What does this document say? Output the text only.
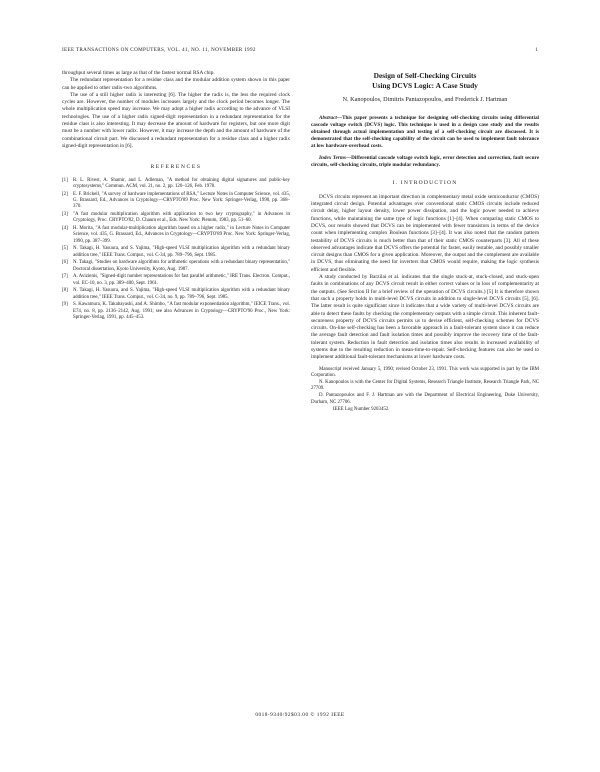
IEEE TRANSACTIONS ON COMPUTERS, VOL. 41, NO. 11, NOVEMBER 1992	1

throughput several times as large as that of the fastest normal RSA chip.

The redundant representation for a residue class and the modular addition system shown in this paper can be applied to other radix-two algorithms.

The use of a still higher radix is interesting [6]. The higher the radix is, the less the required clock cycles are. However, the number of modules increases largely and the clock period becomes longer. The whole multiplication speed may increase. We may adopt a higher radix according to the advance of VLSI technologies. The use of a higher radix signed-digit representation in a redundant representation for the residue class is also interesting. It may decrease the amount of hardware for registers, but one more digit must be a number with lower radix. However, it may increase the depth and the amount of hardware of the combinational circuit part. We discussed a redundant representation for a residue class and a higher radix signed-digit representation in [6].

REFERENCES
[1] R. L. Rivest, A. Shamir, and L. Adleman, "A method for obtaining digital signatures and public-key cryptosystems," Commun. ACM, vol. 21, no. 2, pp. 120–126, Feb. 1978.
[2] E. F. Brickell, "A survey of hardware implementations of RSA," Lecture Notes in Computer Science, vol. 435, G. Brassard, Ed., Advances in Cryptology—CRYPTO'89 Proc. New York: Springer-Verlag, 1990, pp. 368–370.
[3] "A fast modular multiplication algorithm with application to two key cryptography," in Advances in Cryptology, Proc. CRYPTO'82, D. Chaum et al., Eds. New York: Plenum, 1983, pp. 51–60.
[4] H. Morita, "A fast modular-multiplication algorithm based on a higher radix," in Lecture Notes in Computer Science, vol. 435, G. Brassard, Ed., Advances in Cryptology—CRYPTO'89 Proc. New York: Springer-Verlag, 1990, pp. 387–399.
[5] N. Takagi, H. Yasuura, and S. Yajima, "High-speed VLSI multiplication algorithm with a redundant binary addition tree," IEEE Trans. Comput., vol. C-34, pp. 789–796, Sept. 1985.
[6] N. Takagi, "Studies on hardware algorithms for arithmetic operations with a redundant binary representation," Doctoral dissertation, Kyoto University, Kyoto, Aug. 1987.
[7] A. Avizienis, "Signed-digit number representations for fast parallel arithmetic," IRE Trans. Electron. Comput., vol. EC-10, no. 3, pp. 389–400, Sept. 1961.
[8] N. Takagi, H. Yasuura, and S. Yajima, "High-speed VLSI multiplication algorithm with a redundant binary addition tree," IEEE Trans. Comput., vol. C-34, no. 9, pp. 789–796, Sept. 1985.
[9] S. Kawamura, K. Takabayashi, and A. Shimbo, "A fast modular exponentiation algorithm," IEICE Trans., vol. E74, no. 8, pp. 2136–2142, Aug. 1991; see also Advances in Cryptology—CRYPTO'90 Proc., New York: Springer-Verlag, 1991, pp. 445–453.
Design of Self-Checking Circuits
Using DCVS Logic: A Case Study
N. Kanopoulos, Dimitris Pantazopoulos, and Frederick J. Hartman

Abstract—This paper presents a technique for designing self-checking circuits using differential cascode voltage switch (DCVS) logic. This technique is used in a design case study and the results obtained through actual implementation and testing of a self-checking circuit are discussed. It is demonstrated that the self-checking capability of the circuit can be used to implement fault tolerance at low hardware-overhead costs.

Index Terms—Differential cascode voltage switch logic, error detection and correction, fault secure circuits, self-checking circuits, triple modular redundancy.

I. INTRODUCTION

DCVS circuits represent an important direction in complementary metal oxide semiconductor (CMOS) integrated circuit design. Potential advantages over conventional static CMOS circuits include reduced circuit delay, higher layout density, lower power dissipation, and the logic power needed to achieve functions, while maintaining the same type of logic functions [1]–[4]. When comparing static CMOS to DCVS, our results showed that DCVS can be implemented with fewer transistors in terms of the device count when implementing complex Boolean functions [3]–[4]. It was also noted that the random pattern testability of DCVS circuits is much better than that of their static CMOS counterparts [3]. All of these observed advantages indicate that DCVS offers the potential for faster, easily testable, and possibly smaller circuit designs than CMOS for a given application. Moreover, the output and the complement are available in DCVS, thus eliminating the need for inverters that CMOS would require, making the logic synthesis efficient and flexible.

A study conducted by Barzilai et al. indicates that the single stuck-at, stuck-closed, and stuck-open faults in combinations of any DCVS circuit result in either correct values or in loss of complementarity at the outputs. (See Section II for a brief review of the operation of DCVS circuits.) [5] It is therefore shown that such a property holds in multi-level DCVS circuits in addition to single-level DCVS circuits [5], [6]. The latter result is quite significant since it indicates that a wide variety of multi-level DCVS circuits are able to detect these faults by checking the complementary outputs with a simple circuit. This inherent fault-secureness property of DCVS circuits permits us to devise efficient, self-checking schemes for DCVS circuits. On-line self-checking has been a favorable approach in a fault-tolerant system since it can reduce the average fault detection and fault isolation times and possibly improve the recovery time of the fault-tolerant system. Reduction in fault detection and isolation times also results in increased availability of systems due to the resulting reduction in mean-time-to-repair. Self-checking features can also be used to implement additional fault-tolerant mechanisms at lower hardware costs.

Manuscript received January 5, 1990; revised October 23, 1991. This work was supported in part by the IBM Corporation.

N. Kanopoulos is with the Center for Digital Systems, Research Triangle Institute, Research Triangle Park, NC 27709.

D. Pantazopoulos and F. J. Hartman are with the Department of Electrical Engineering, Duke University, Durham, NC 27706.

IEEE Log Number 9203452.

0018-9340/92$03.00 © 1992 IEEE
